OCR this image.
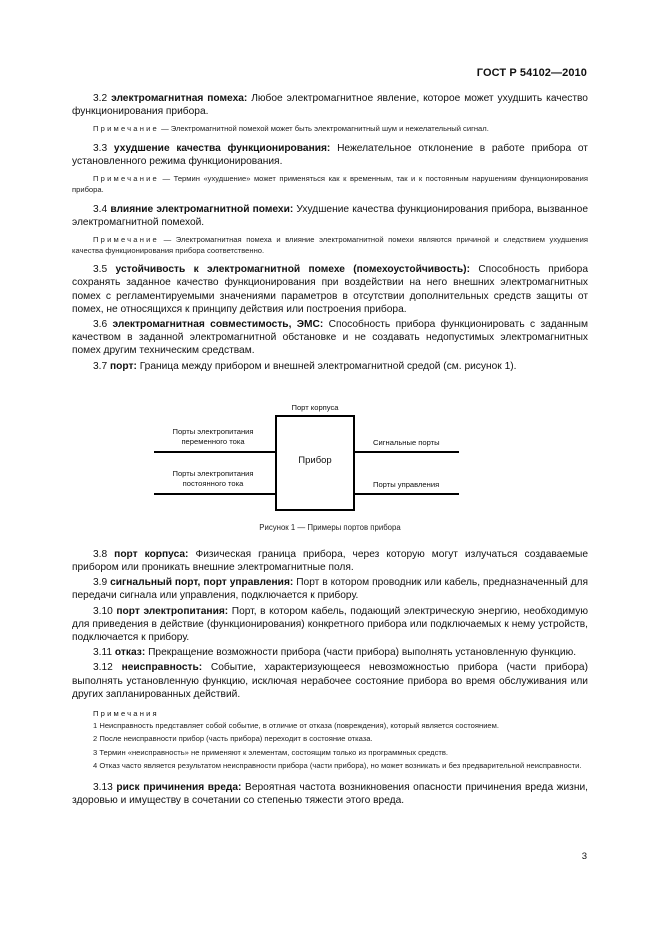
ГОСТ Р 54102—2010

3.2 электромагнитная помеха: Любое электромагнитное явление, которое может ухудшить качество функционирования прибора.

Примечание — Электромагнитной помехой может быть электромагнитный шум и нежелательный сигнал.

3.3 ухудшение качества функционирования: Нежелательное отклонение в работе прибора от установленного режима функционирования.

Примечание — Термин «ухудшение» может применяться как к временным, так и к постоянным нарушениям функционирования прибора.

3.4 влияние электромагнитной помехи: Ухудшение качества функционирования прибора, вызванное электромагнитной помехой.

Примечание — Электромагнитная помеха и влияние электромагнитной помехи являются причиной и следствием ухудшения качества функционирования прибора соответственно.

3.5 устойчивость к электромагнитной помехе (помехоустойчивость): Способность прибора сохранять заданное качество функционирования при воздействии на него внешних электромагнитных помех с регламентируемыми значениями параметров в отсутствии дополнительных средств защиты от помех, не относящихся к принципу действия или построения прибора.

3.6 электромагнитная совместимость, ЭМС: Способность прибора функционировать с заданным качеством в заданной электромагнитной обстановке и не создавать недопустимых электромагнитных помех другим техническим средствам.

3.7 порт: Граница между прибором и внешней электромагнитной средой (см. рисунок 1).

Порт корпуса
Прибор
Порты электропитания переменного тока
Порты электропитания постоянного тока
Сигнальные порты
Порты управления
Рисунок 1 — Примеры портов прибора

3.8 порт корпуса: Физическая граница прибора, через которую могут излучаться создаваемые прибором или проникать внешние электромагнитные поля.

3.9 сигнальный порт, порт управления: Порт в котором проводник или кабель, предназначенный для передачи сигнала или управления, подключается к прибору.

3.10 порт электропитания: Порт, в котором кабель, подающий электрическую энергию, необходимую для приведения в действие (функционирования) конкретного прибора или подключаемых к нему устройств, подключается к прибору.

3.11 отказ: Прекращение возможности прибора (части прибора) выполнять установленную функцию.

3.12 неисправность: Событие, характеризующееся невозможностью прибора (части прибора) выполнять установленную функцию, исключая нерабочее состояние прибора во время обслуживания или других запланированных действий.

Примечания

1 Неисправность представляет собой событие, в отличие от отказа (повреждения), который является состоянием.

2 После неисправности прибор (часть прибора) переходит в состояние отказа.

3 Термин «неисправность» не применяют к элементам, состоящим только из программных средств.

4 Отказ часто является результатом неисправности прибора (части прибора), но может возникать и без предварительной неисправности.

3.13 риск причинения вреда: Вероятная частота возникновения опасности причинения вреда жизни, здоровью и имуществу в сочетании со степенью тяжести этого вреда.

3
